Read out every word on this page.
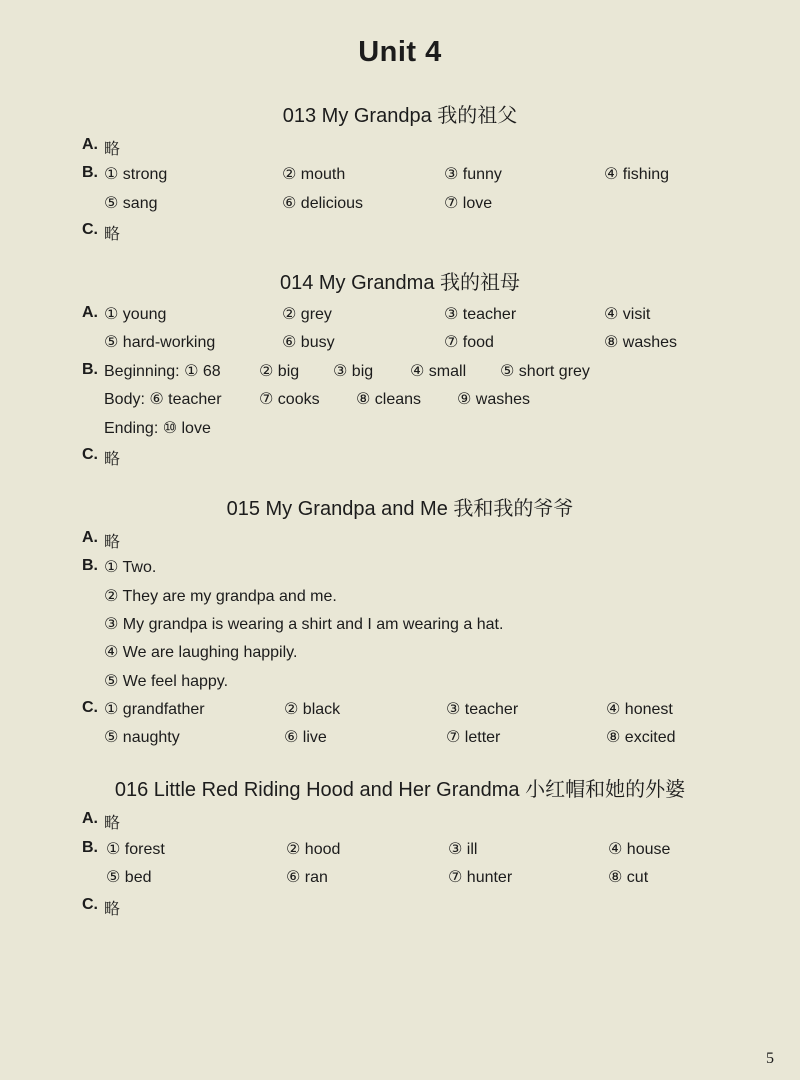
Unit 4
013 My Grandpa 我的祖父
A. 略
B. ① strong	② mouth	③ funny	④ fishing
⑤ sang	⑥ delicious	⑦ love
C. 略
014 My Grandma 我的祖母
A. ① young	② grey	③ teacher	④ visit
⑤ hard-working	⑥ busy	⑦ food	⑧ washes
B. Beginning: ① 68 ② big ③ big ④ small ⑤ short grey
Body: ⑥ teacher ⑦ cooks ⑧ cleans ⑨ washes
Ending: ⑩ love
C. 略
015 My Grandpa and Me 我和我的爷爷
A. 略
B. ① Two.
② They are my grandpa and me.
③ My grandpa is wearing a shirt and I am wearing a hat.
④ We are laughing happily.
⑤ We feel happy.
C. ① grandfather	② black	③ teacher	④ honest
⑤ naughty	⑥ live	⑦ letter	⑧ excited
016 Little Red Riding Hood and Her Grandma 小红帽和她的外婆
A. 略
B. ① forest	② hood	③ ill	④ house
⑤ bed	⑥ ran	⑦ hunter	⑧ cut
C. 略
5
